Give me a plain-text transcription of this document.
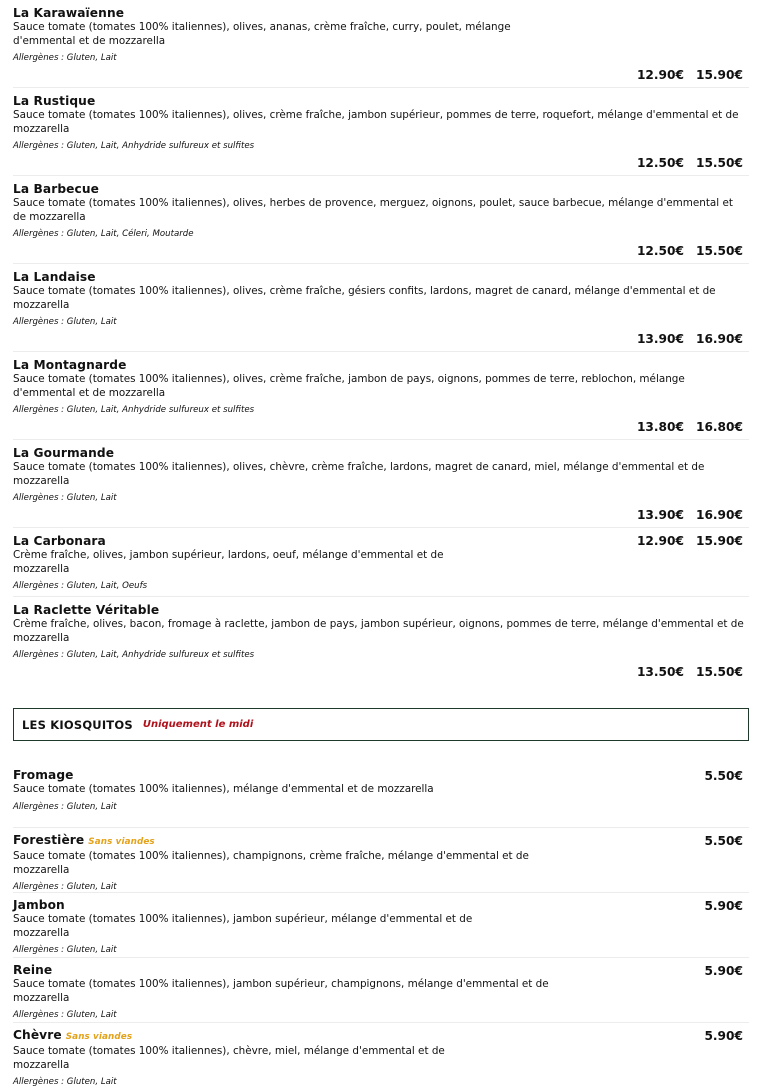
La Karawaïenne
Sauce tomate (tomates 100% italiennes), olives, ananas, crème fraîche, curry, poulet, mélange d'emmental et de mozzarella
Allergènes : Gluten, Lait
12.90€ 15.90€
La Rustique
Sauce tomate (tomates 100% italiennes), olives, crème fraîche, jambon supérieur, pommes de terre, roquefort, mélange d'emmental et de mozzarella
Allergènes : Gluten, Lait, Anhydride sulfureux et sulfites
12.50€ 15.50€
La Barbecue
Sauce tomate (tomates 100% italiennes), olives, herbes de provence, merguez, oignons, poulet, sauce barbecue, mélange d'emmental et de mozzarella
Allergènes : Gluten, Lait, Céleri, Moutarde
12.50€ 15.50€
La Landaise
Sauce tomate (tomates 100% italiennes), olives, crème fraîche, gésiers confits, lardons, magret de canard, mélange d'emmental et de mozzarella
Allergènes : Gluten, Lait
13.90€ 16.90€
La Montagnarde
Sauce tomate (tomates 100% italiennes), olives, crème fraîche, jambon de pays, oignons, pommes de terre, reblochon, mélange d'emmental et de mozzarella
Allergènes : Gluten, Lait, Anhydride sulfureux et sulfites
13.80€ 16.80€
La Gourmande
Sauce tomate (tomates 100% italiennes), olives, chèvre, crème fraîche, lardons, magret de canard, miel, mélange d'emmental et de mozzarella
Allergènes : Gluten, Lait
13.90€ 16.90€
La Carbonara
Crème fraîche, olives, jambon supérieur, lardons, oeuf, mélange d'emmental et de mozzarella
Allergènes : Gluten, Lait, Oeufs
12.90€ 15.90€
La Raclette Véritable
Crème fraîche, olives, bacon, fromage à raclette, jambon de pays, jambon supérieur, oignons, pommes de terre, mélange d'emmental et de mozzarella
Allergènes : Gluten, Lait, Anhydride sulfureux et sulfites
13.50€ 15.50€
LES KIOSQUITOS Uniquement le midi
Fromage
Sauce tomate (tomates 100% italiennes), mélange d'emmental et de mozzarella
Allergènes : Gluten, Lait
5.50€
Forestière Sans viandes
Sauce tomate (tomates 100% italiennes), champignons, crème fraîche, mélange d'emmental et de mozzarella
Allergènes : Gluten, Lait
5.50€
Jambon
Sauce tomate (tomates 100% italiennes), jambon supérieur, mélange d'emmental et de mozzarella
Allergènes : Gluten, Lait
5.90€
Reine
Sauce tomate (tomates 100% italiennes), jambon supérieur, champignons, mélange d'emmental et de mozzarella
Allergènes : Gluten, Lait
5.90€
Chèvre Sans viandes
Sauce tomate (tomates 100% italiennes), chèvre, miel, mélange d'emmental et de mozzarella
Allergènes : Gluten, Lait
5.90€
